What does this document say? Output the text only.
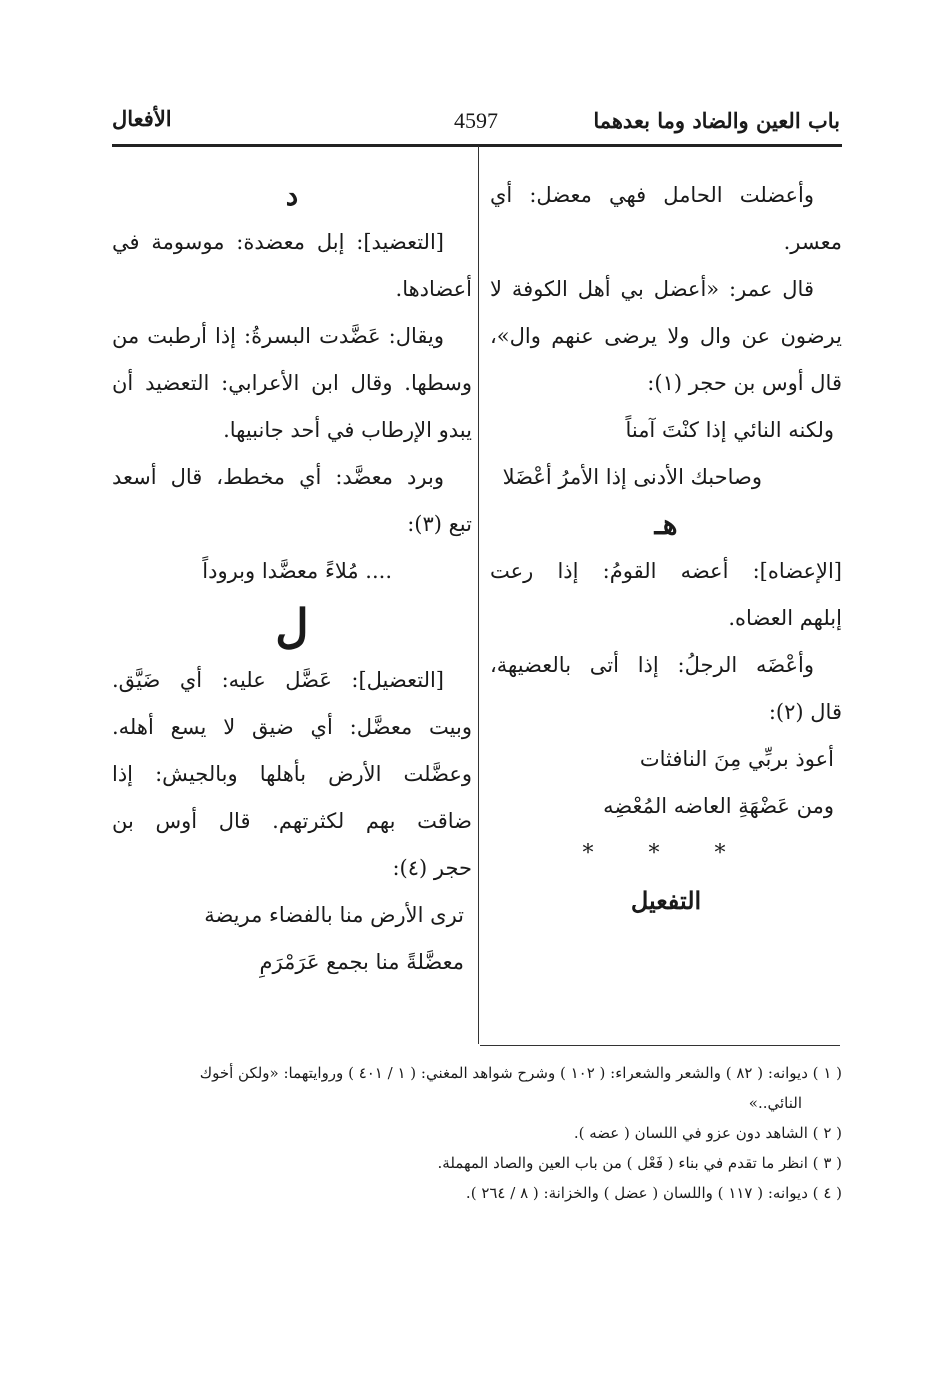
باب العين والضاد وما بعدهما
4597
الأفعال
وأعضلت الحامل فهي معضل: أي
معسر.
قال عمر: «أعضل بي أهل الكوفة لا
يرضون عن وال ولا يرضى عنهم وال»،
قال أوس بن حجر (١):
ولكنه النائي إذا كنْتَ آمناً
وصاحبك الأدنى إذا الأمرُ أعْضَلا
هـ
[الإعضاه]: أعضه القومُ: إذا رعت
إبلهم العضاه.
وأعْضَه الرجلُ: إذا أتى بالعضيهة،
قال (٢):
أعوذ بربِّي مِنَ النافثات
ومن عَضْهَةِ العاضه المُعْضِه
* * *
التفعيل
د
[التعضيد]: إبل معضدة: موسومة في
أعضادها.
ويقال: عَضَّدت البسرةُ: إذا أرطبت من
وسطها. وقال ابن الأعرابي: التعضيد أن
يبدو الإرطاب في أحد جانبيها.
وبرد معضَّد: أي مخطط، قال أسعد
تبع (٣):
.... مُلاءً معضَّدا وبروداً
ل
[التعضيل]: عَضَّل عليه: أي ضَيَّق.
وبيت معضَّل: أي ضيق لا يسع أهله.
وعضَّلت الأرض بأهلها وبالجيش: إذا
ضاقت بهم لكثرتهم. قال أوس بن
حجر (٤):
ترى الأرض منا بالفضاء مريضة
معضَّلةً منا بجمع عَرَمْرَمِ
( ١ ) ديوانه: ( ٨٢ ) والشعر والشعراء: ( ١٠٢ ) وشرح شواهد المغني: ( ١ / ٤٠١ ) وروايتهما: «ولكن أخوك
النائي..»
( ٢ ) الشاهد دون عزو في اللسان ( عضه ).
( ٣ ) انظر ما تقدم في بناء ( فَعْل ) من باب العين والصاد المهملة.
( ٤ ) ديوانه: ( ١١٧ ) واللسان ( عضل ) والخزانة: ( ٨ / ٢٦٤ ).
